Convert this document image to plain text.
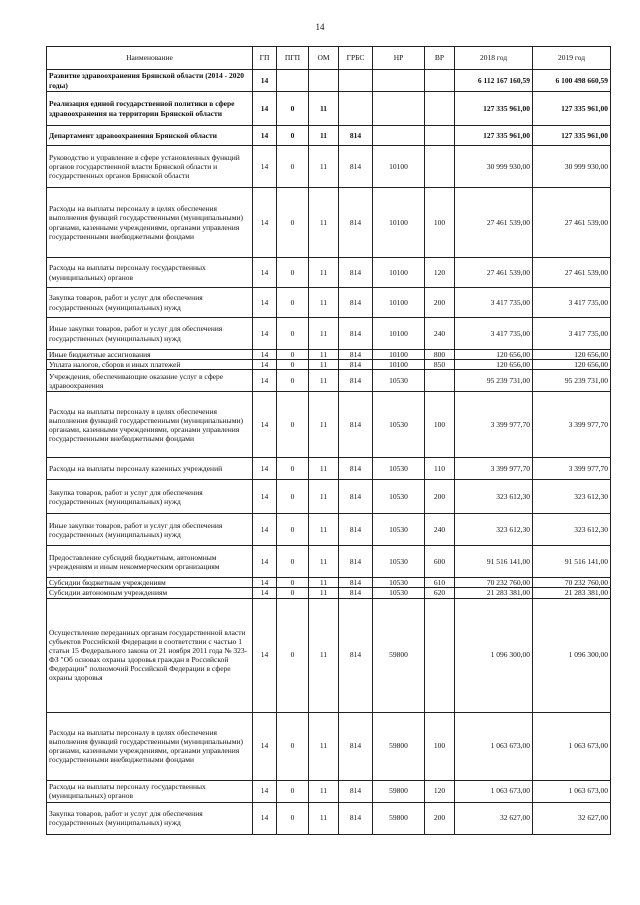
14
Наименование	ГП	ПГП	ОМ	ГРБС	НР	ВР	2018 год	2019 год
Развитие здравоохранения Брянской области (2014 - 2020 годы)	14						6 112 167 160,59	6 100 498 660,59
Реализация единой государственной политики в сфере здравоохранения на территории Брянской области	14	0	11				127 335 961,00	127 335 961,00
Департамент здравоохранения Брянской области	14	0	11	814			127 335 961,00	127 335 961,00
Руководство и управление в сфере установленных функций органов государственной власти Брянской области и государственных органов Брянской области	14	0	11	814	10100		30 999 930,00	30 999 930,00
Расходы на выплаты персоналу в целях обеспечения выполнения функций государственными (муниципальными) органами, казенными учреждениями, органами управления государственными внебюджетными фондами	14	0	11	814	10100	100	27 461 539,00	27 461 539,00
Расходы на выплаты персоналу государственных (муниципальных) органов	14	0	11	814	10100	120	27 461 539,00	27 461 539,00
Закупка товаров, работ и услуг для обеспечения государственных (муниципальных) нужд	14	0	11	814	10100	200	3 417 735,00	3 417 735,00
Иные закупки товаров, работ и услуг для обеспечения государственных (муниципальных) нужд	14	0	11	814	10100	240	3 417 735,00	3 417 735,00
Иные бюджетные ассигнования	14	0	11	814	10100	800	120 656,00	120 656,00
Уплата налогов, сборов и иных платежей	14	0	11	814	10100	850	120 656,00	120 656,00
Учреждения, обеспечивающие оказание услуг в сфере здравоохранения	14	0	11	814	10530		95 239 731,00	95 239 731,00
Расходы на выплаты персоналу в целях обеспечения выполнения функций государственными (муниципальными) органами, казенными учреждениями, органами управления государственными внебюджетными фондами	14	0	11	814	10530	100	3 399 977,70	3 399 977,70
Расходы на выплаты персоналу казенных учреждений	14	0	11	814	10530	110	3 399 977,70	3 399 977,70
Закупка товаров, работ и услуг для обеспечения государственных (муниципальных) нужд	14	0	11	814	10530	200	323 612,30	323 612,30
Иные закупки товаров, работ и услуг для обеспечения государственных (муниципальных) нужд	14	0	11	814	10530	240	323 612,30	323 612,30
Предоставление субсидий бюджетным, автономным учреждениям и иным некоммерческим организациям	14	0	11	814	10530	600	91 516 141,00	91 516 141,00
Субсидии бюджетным учреждениям	14	0	11	814	10530	610	70 232 760,00	70 232 760,00
Субсидии автономным учреждениям	14	0	11	814	10530	620	21 283 381,00	21 283 381,00
Осуществление переданных органам государственной власти субъектов Российской Федерации в соответствии с частью 1 статьи 15 Федерального закона от 21 ноября 2011 года № 323-ФЗ "Об основах охраны здоровья граждан в Российской Федерации" полномочий Российской Федерации в сфере охраны здоровья	14	0	11	814	59800		1 096 300,00	1 096 300,00
Расходы на выплаты персоналу в целях обеспечения выполнения функций государственными (муниципальными) органами, казенными учреждениями, органами управления государственными внебюджетными фондами	14	0	11	814	59800	100	1 063 673,00	1 063 673,00
Расходы на выплаты персоналу государственных (муниципальных) органов	14	0	11	814	59800	120	1 063 673,00	1 063 673,00
Закупка товаров, работ и услуг для обеспечения государственных (муниципальных) нужд	14	0	11	814	59800	200	32 627,00	32 627,00
